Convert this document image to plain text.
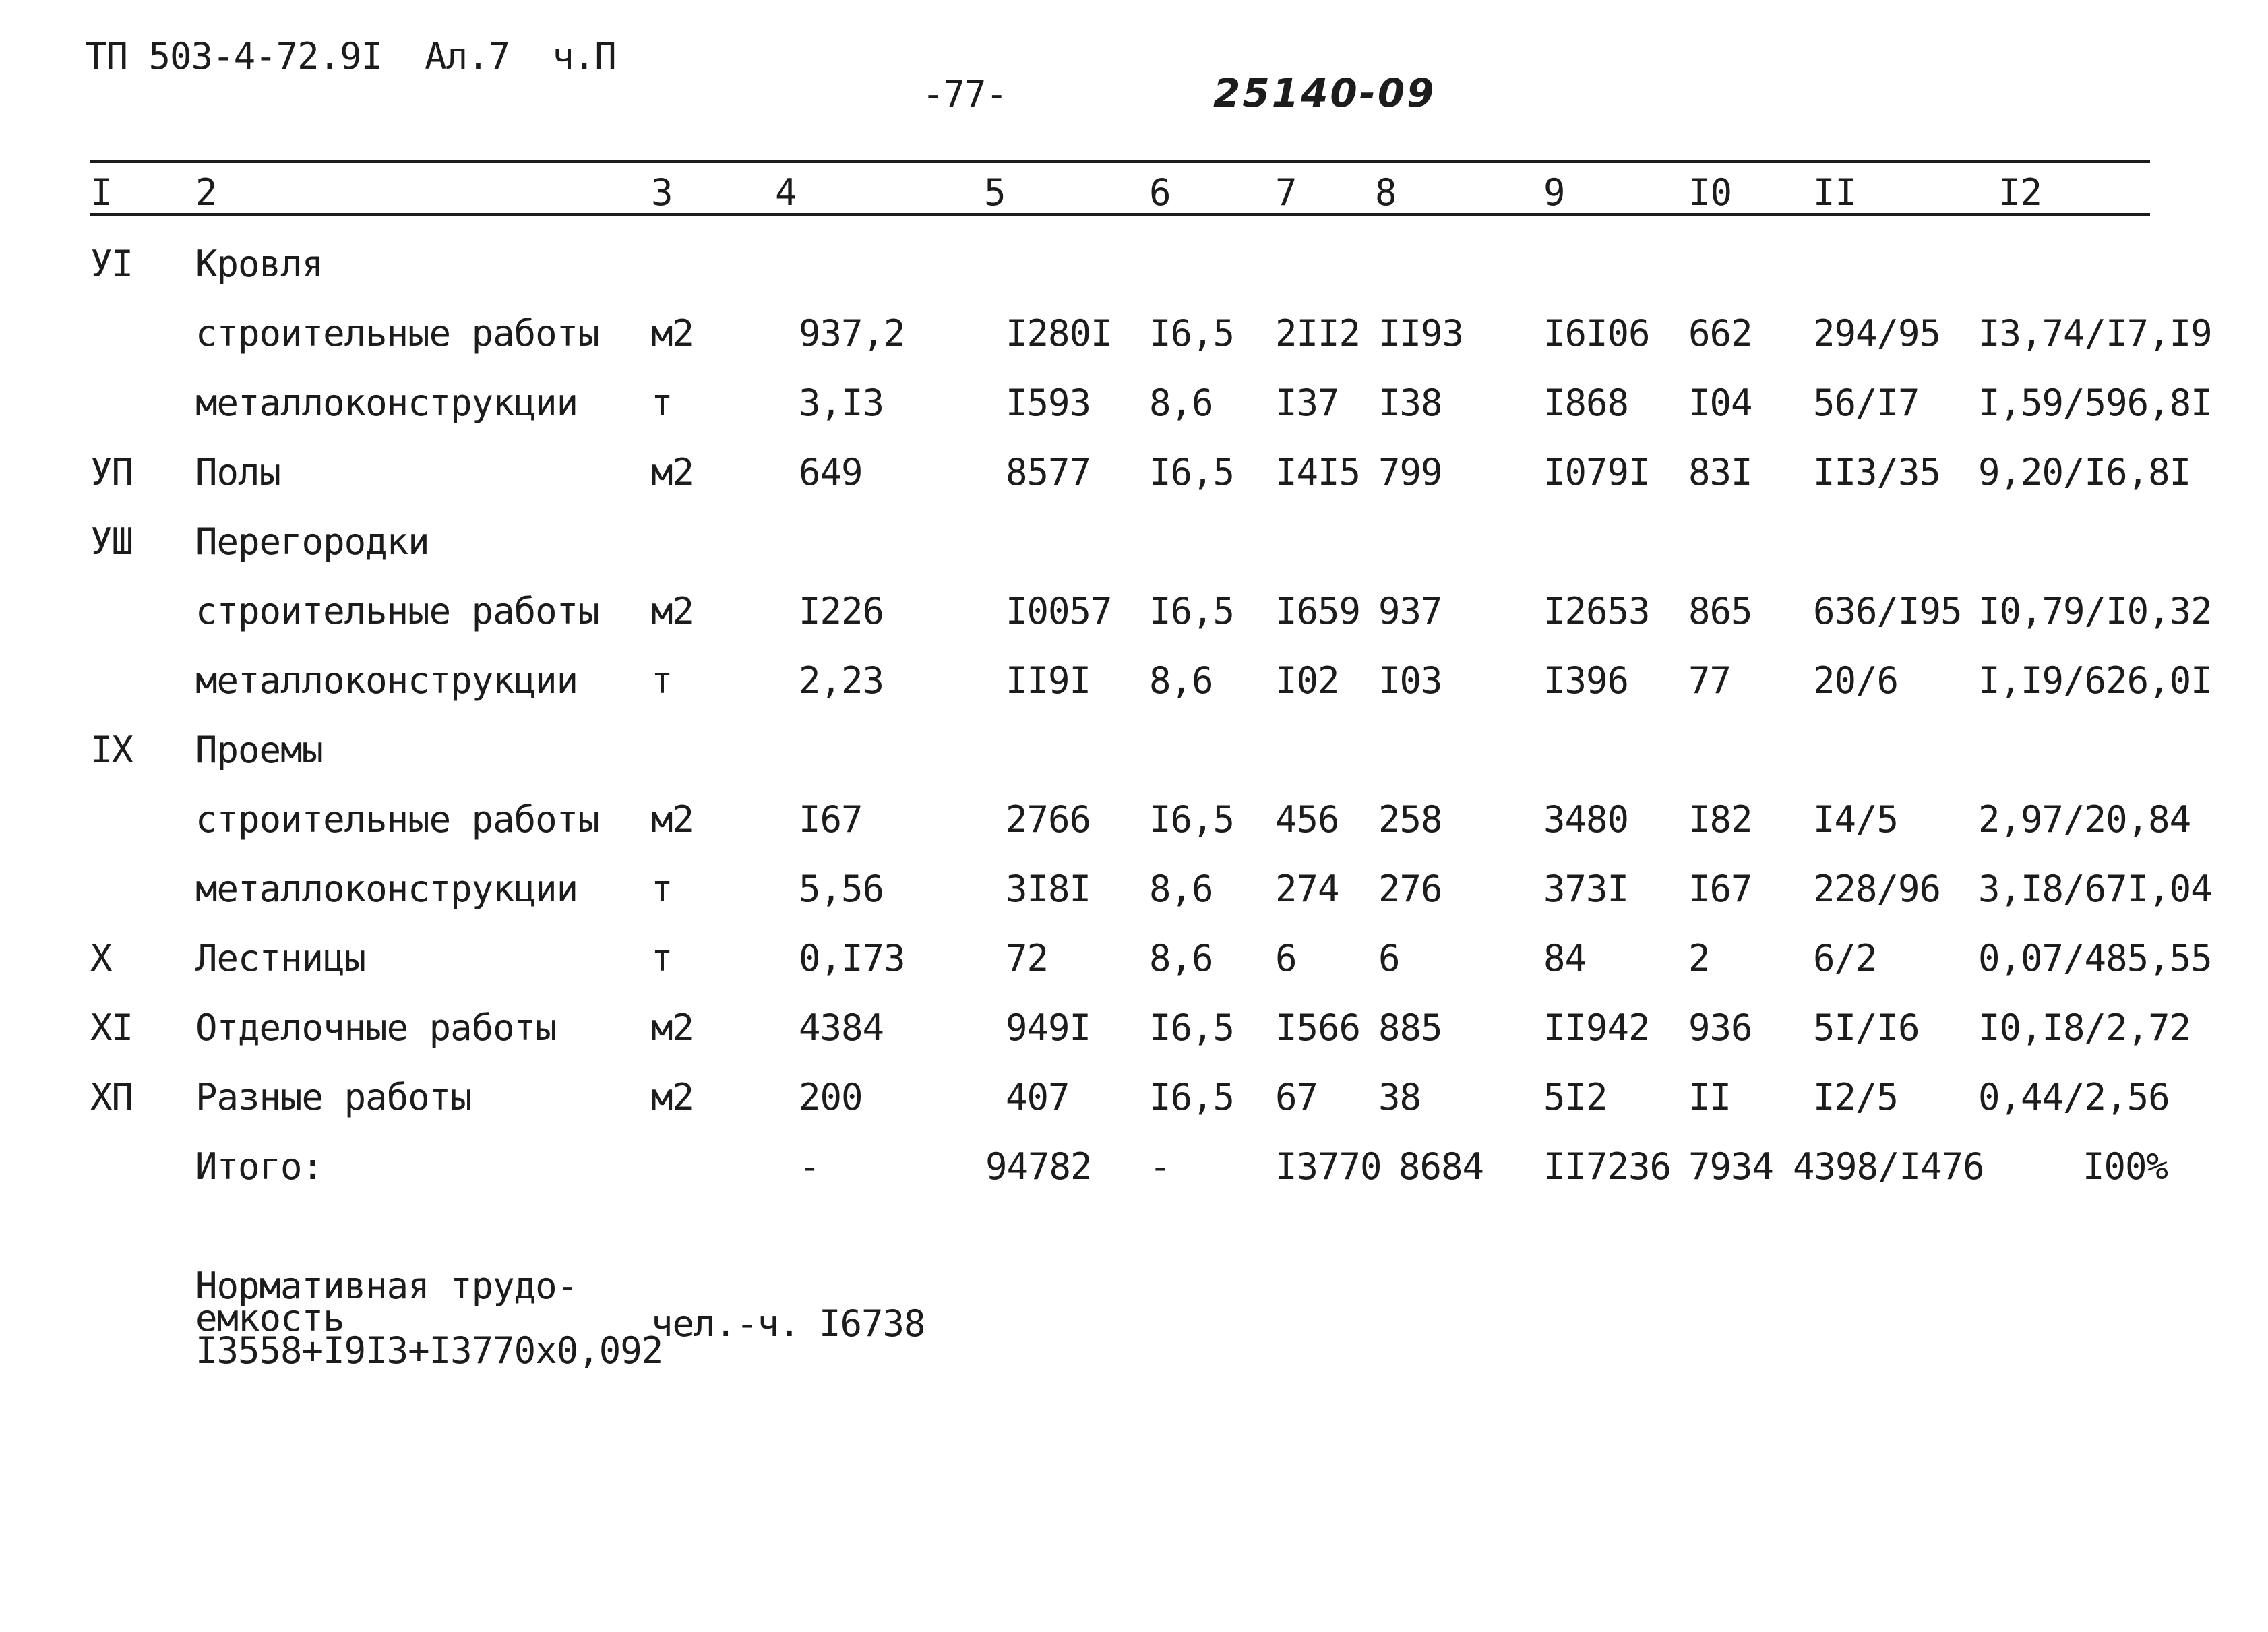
ТП 503-4-72.9I  Ал.7  ч.П
-77-	25140-09
I 2	3	4	5	6	7 8	9	I0 II	I2
УI Кровля
строительные работы м2	937,2	I280I I6,5 2II2 II93 I6I06 662 294/95 I3,74/I7,I9
металлоконструкции т	3,I3	I593 8,6 I37 I38	I868 I04 56/I7 I,59/596,8I
УП Полы	м2	649	8577 I6,5 I4I5 799	I079I 83I II3/35 9,20/I6,8I
УШ Перегородки
строительные работы м2	I226	I0057 I6,5 I659 937	I2653 865 636/I95 I0,79/I0,32
металлоконструкции т	2,23	II9I 8,6 I02 I03	I396 77 20/6 I,I9/626,0I
IX Проемы
строительные работы м2	I67	2766 I6,5 456 258	3480 I82 I4/5 2,97/20,84
металлоконструкции т	5,56	3I8I 8,6 274 276	373I I67 228/96 3,I8/67I,04
X Лестницы	т	0,I73	72	8,6 6 6	84	2	6/2	0,07/485,55
XI Отделочные работы	м2	4384	949I I6,5 I566 885	II942 936 5I/I6 I0,I8/2,72
XП Разные работы	м2	200	407 I6,5 67 38	5I2 II I2/5 0,44/2,56
Итого:	-	94782 -	I3770 8684 II7236 7934 4398/I476	I00%
Нормативная трудо-
емкость
I3558+I9I3+I3770х0,092
чел.-ч. I6738
